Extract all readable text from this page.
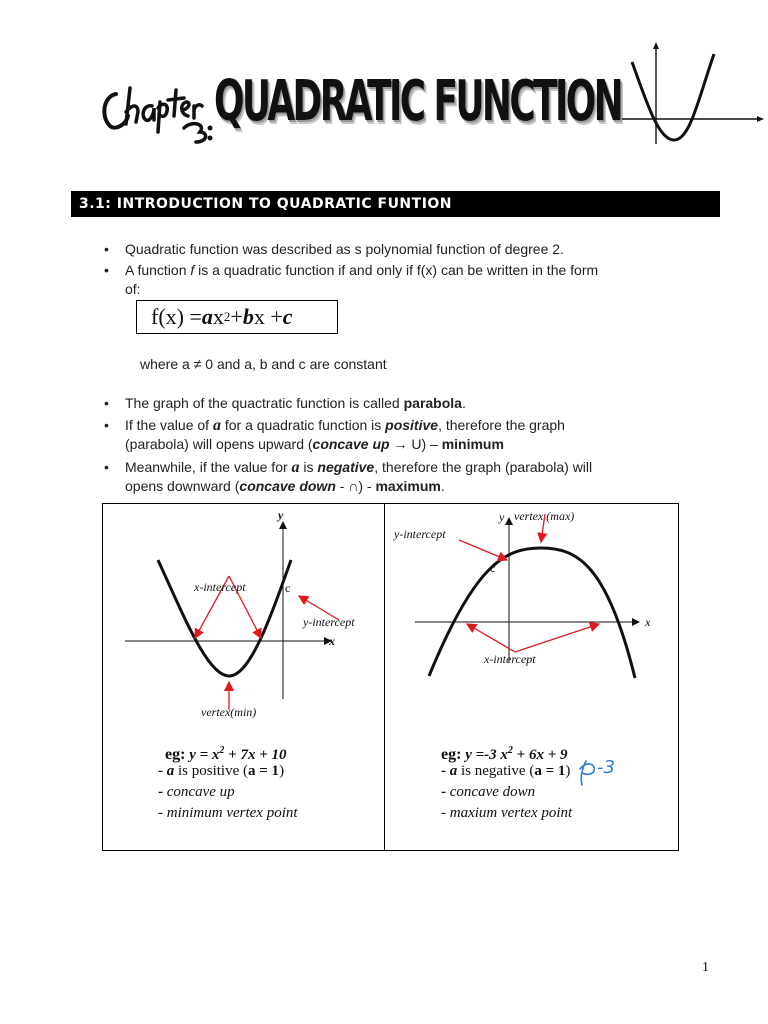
QUADRATIC FUNCTION
3.1: INTRODUCTION TO QUADRATIC FUNTION
• Quadratic function was described as s polynomial function of degree 2.
• A function f is a quadratic function if and only if f(x) can be written in the form
of:
f(x) = a x 2 + b x + c
where a ≠ 0 and a, b and c are constant
• The graph of the quactratic function is called parabola.
• If the value of a for a quadratic function is positive, therefore the graph
(parabola) will opens upward (concave up → U) – minimum
• Meanwhile, if the value for a is negative, therefore the graph (parabola) will
opens downward (concave down - ∩) - maximum.
y
x
x-intercept	c
y-intercept
vertex(min)
eg: $y = x^2 + 7x + 10$
- a is positive (a = 1)
- concave up
- minimum vertex point
y vertex (max)
y-intercept
c
x
x-intercept
eg: y =-3 $x^2 + 6x + 9$
- a is negative (a = 1) -3
- concave down
- maxium vertex point
1
